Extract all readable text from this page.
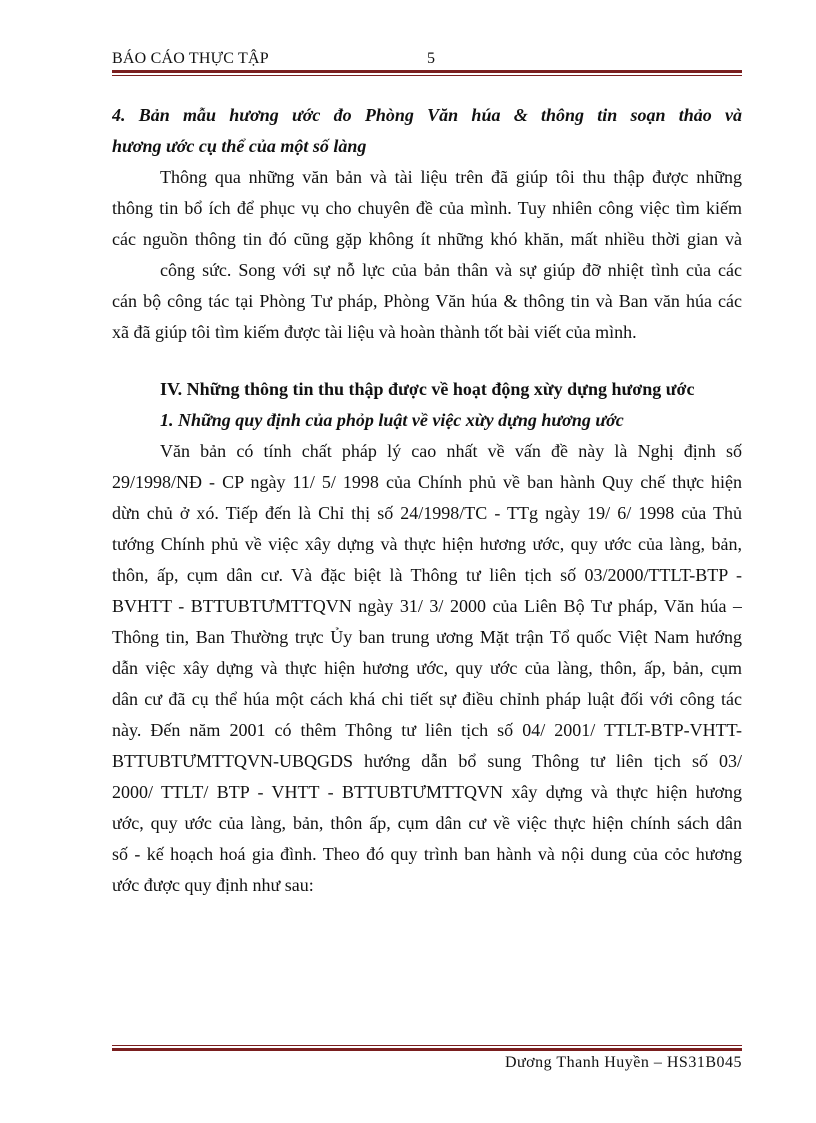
BÁO CÁO THỰC TẬP	5
4. Bản mẫu hương ước đo Phòng Văn húa & thông tin soạn thảo và
hương ước cụ thể của một số làng
Thông qua những văn bản và tài liệu trên đã giúp tôi thu thập được những
thông tin bổ ích để phục vụ cho chuyên đề của mình. Tuy nhiên công việc tìm kiếm
các nguồn thông tin đó cũng gặp không ít những khó khăn, mất nhiều thời gian và
công sức. Song với sự nỗ lực của bản thân và sự giúp đỡ nhiệt tình của các
cán bộ công tác tại Phòng Tư pháp, Phòng Văn húa & thông tin và Ban văn húa các
xã đã giúp tôi tìm kiếm được tài liệu và hoàn thành tốt bài viết của mình.
IV. Những thông tin thu thập được về hoạt động xừy dựng hương ước
1. Những quy định của phỏp luật về việc xừy dựng hương ước
Văn bản có tính chất pháp lý cao nhất về vấn đề này là Nghị định số
29/1998/NĐ - CP ngày 11/ 5/ 1998 của Chính phủ về ban hành Quy chế thực hiện
dừn chủ ở xó. Tiếp đến là Chỉ thị số 24/1998/TC - TTg ngày 19/ 6/ 1998 của Thủ
tướng Chính phủ về việc xây dựng và thực hiện hương ước, quy ước của làng, bản,
thôn, ấp, cụm dân cư. Và đặc biệt là Thông tư liên tịch số 03/2000/TTLT-BTP -
BVHTT - BTTUBTƯMTTQVN ngày 31/ 3/ 2000 của Liên Bộ Tư pháp, Văn húa –
Thông tin, Ban Thường trực Ủy ban trung ương Mặt trận Tổ quốc Việt Nam hướng
dẫn việc xây dựng và thực hiện hương ước, quy ước của làng, thôn, ấp, bản, cụm
dân cư đã cụ thể húa một cách khá chi tiết sự điều chỉnh pháp luật đối với công tác
này. Đến năm 2001 có thêm Thông tư liên tịch số 04/ 2001/ TTLT-BTP-VHTT-
BTTUBTƯMTTQVN-UBQGDS hướng dẫn bổ sung Thông tư liên tịch số 03/
2000/ TTLT/ BTP - VHTT - BTTUBTƯMTTQVN xây dựng và thực hiện hương
ước, quy ước của làng, bản, thôn ấp, cụm dân cư về việc thực hiện chính sách dân
số - kế hoạch hoá gia đình. Theo đó quy trình ban hành và nội dung của cỏc hương
ước được quy định như sau:
Dương Thanh Huyền – HS31B045
